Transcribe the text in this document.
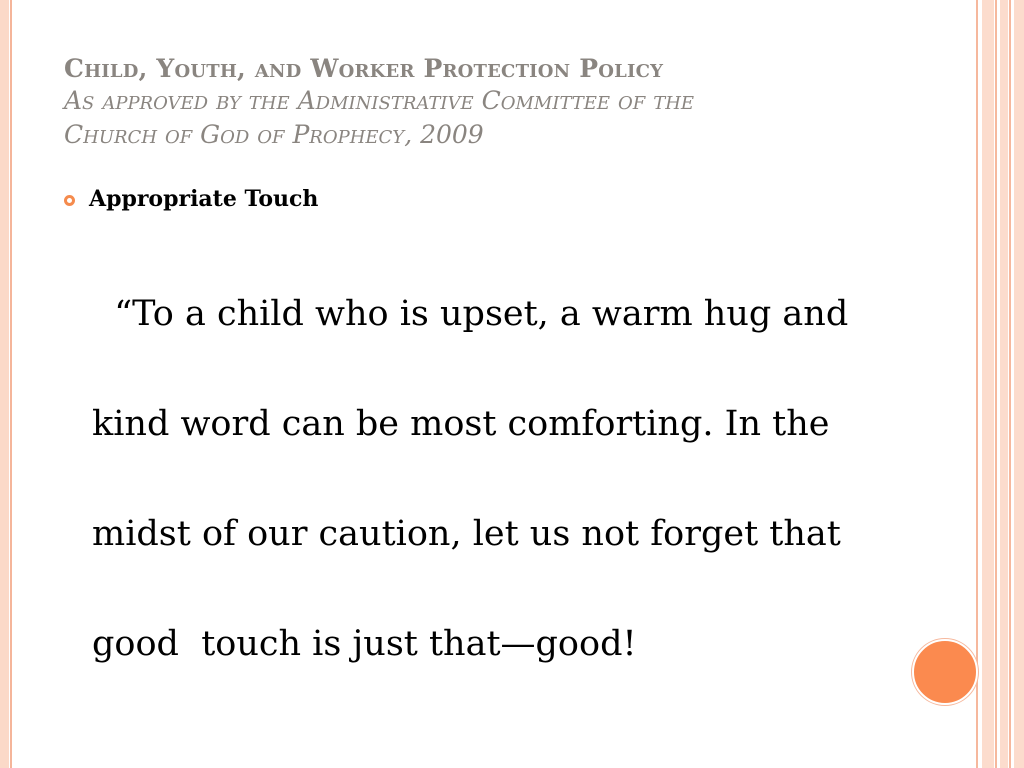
Child, Youth, and Worker Protection Policy
As approved by the Administrative Committee of the
Church of God of Prophecy, 2009
Appropriate Touch

“To a child who is upset, a warm hug and

kind word can be most comforting. In the

midst of our caution, let us not forget that

good  touch is just that—good!
